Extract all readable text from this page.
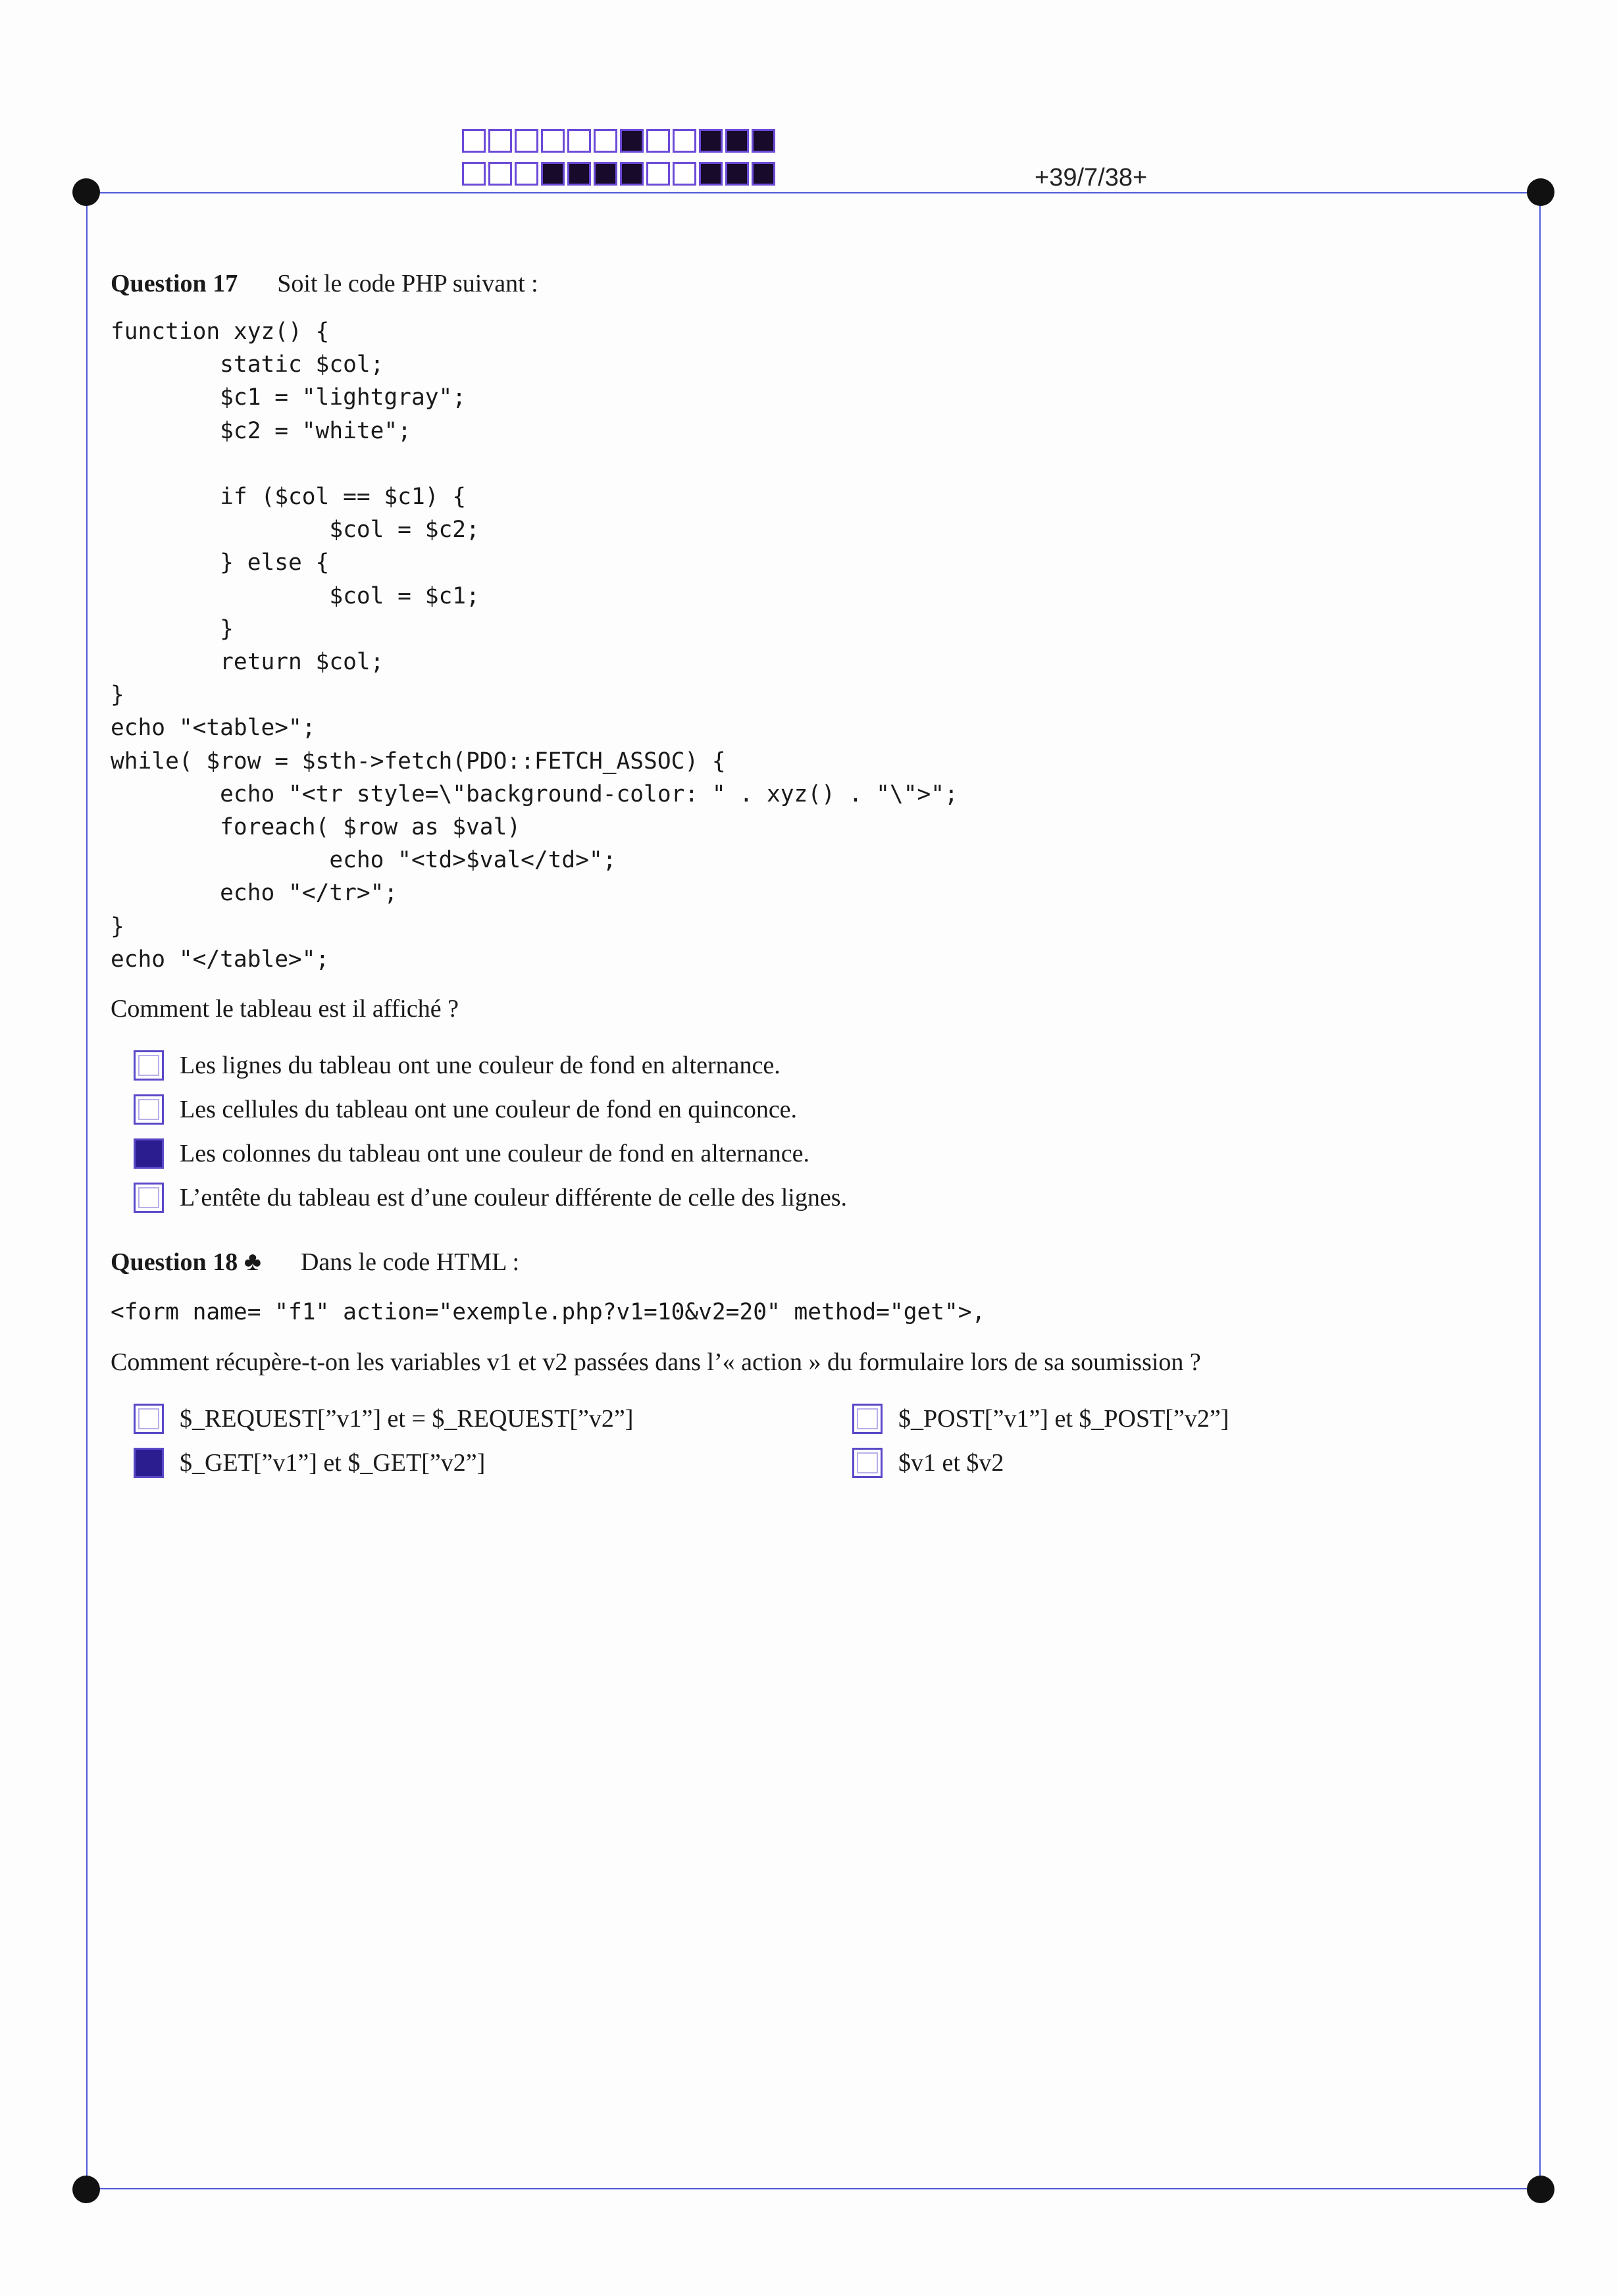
+39/7/38+
Question 17 Soit le code PHP suivant :
function xyz() {
static $col;
$c1 = "lightgray";
$c2 = "white";

if ($col == $c1) {
$col = $c2;
} else {
$col = $c1;
}
return $col;
}
echo "<table>";
while( $row = $sth->fetch(PDO::FETCH_ASSOC) {
echo "<tr style=\"background-color: " . xyz() . "\">";
foreach( $row as $val)
echo "<td>$val</td>";
echo "</tr>";
}
echo "</table>";
Comment le tableau est il affiché ?
Les lignes du tableau ont une couleur de fond en alternance.
Les cellules du tableau ont une couleur de fond en quinconce.
Les colonnes du tableau ont une couleur de fond en alternance.
L’entête du tableau est d’une couleur différente de celle des lignes.
Question 18 ♣ Dans le code HTML :
<form name= "f1" action="exemple.php?v1=10&v2=20" method="get">,
Comment récupère-t-on les variables v1 et v2 passées dans l’« action » du formulaire lors de sa soumission ?
$_REQUEST[”v1”] et = $_REQUEST[”v2”]	$_POST[”v1”] et $_POST[”v2”]
$_GET[”v1”] et $_GET[”v2”]	$v1 et $v2
